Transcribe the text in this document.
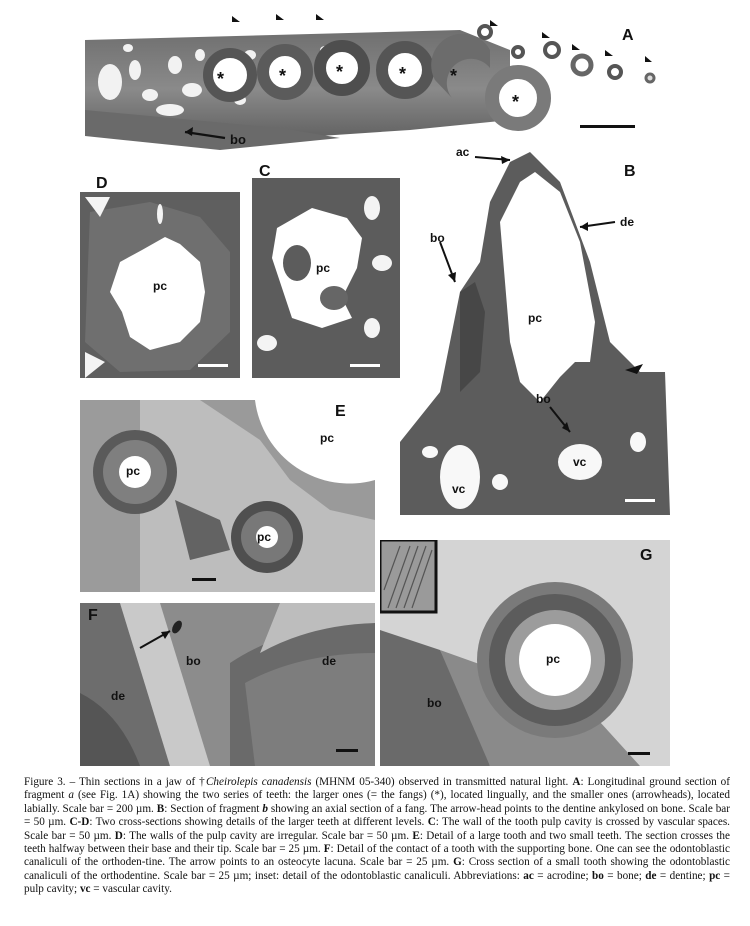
*	*	*	* *
*
A
bo
D
pc
C
pc
B
ac
de
bo
pc
bo
vc
vc
E
pc
pc
pc
F
bo
de
de
G
pc
bo
Figure 3. – Thin sections in a jaw of †Cheirolepis canadensis (MHNM 05-340) observed in transmitted natural light. A: Longitudinal ground section of fragment a (see Fig. 1A) showing the two series of teeth: the larger ones (= the fangs) (*), located lingually, and the smaller ones (arrowheads), located labially. Scale bar = 200 µm. B: Section of fragment b showing an axial section of a fang. The arrow-head points to the dentine ankylosed on bone. Scale bar = 50 µm. C-D: Two cross-sections showing details of the larger teeth at different levels. C: The wall of the tooth pulp cavity is crossed by vascular spaces. Scale bar = 50 µm. D: The walls of the pulp cavity are irregular. Scale bar = 50 µm. E: Detail of a large tooth and two small teeth. The section crosses the teeth halfway between their base and their tip. Scale bar = 25 µm. F: Detail of the contact of a tooth with the supporting bone. One can see the odontoblastic canaliculi of the orthoden-tine. The arrow points to an osteocyte lacuna. Scale bar = 25 µm. G: Cross section of a small tooth showing the odontoblastic canaliculi of the orthodentine. Scale bar = 25 µm; inset: detail of the odontoblastic canaliculi. Abbreviations: ac = acrodine; bo = bone; de = dentine; pc = pulp cavity; vc = vascular cavity.
